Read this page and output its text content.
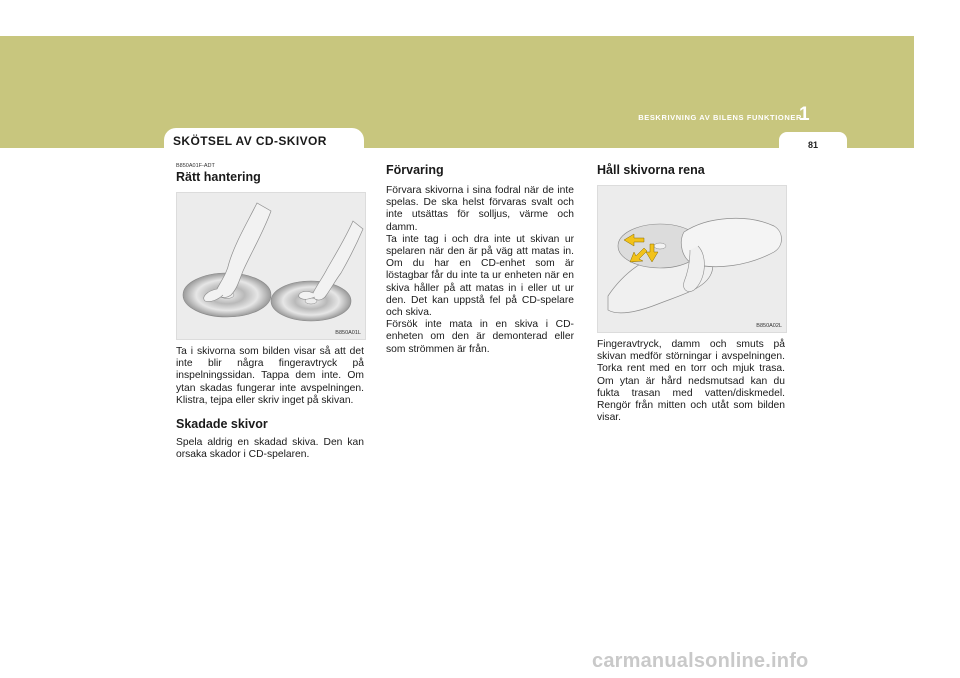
BESKRIVNING AV BILENS FUNKTIONER
1
81
SKÖTSEL AV CD-SKIVOR
B850A01F-ADT
Rätt hantering
B850A01L

Ta i skivorna som bilden visar så att det inte blir några fingeravtryck på inspelningssidan. Tappa dem inte. Om ytan skadas fungerar inte avspelningen. Klistra, tejpa eller skriv inget på skivan.

Skadade skivor

Spela aldrig en skadad skiva. Den kan orsaka skador i CD-spelaren.

Förvaring

Förvara skivorna i sina fodral när de inte spelas. De ska helst förvaras svalt och inte utsättas för solljus, värme och damm.
Ta inte tag i och dra inte ut skivan ur spelaren när den är på väg att matas in. Om du har en CD-enhet som är löstagbar får du inte ta ur enheten när en skiva håller på att matas in i eller ut ur den. Det kan uppstå fel på CD-spelare och skiva.
Försök inte mata in en skiva i CD-enheten om den är demonterad eller som strömmen är från.

Håll skivorna rena
B850A02L

Fingeravtryck, damm och smuts på skivan medför störningar i avspelningen. Torka rent med en torr och mjuk trasa. Om ytan är hård nedsmutsad kan du fukta trasan med vatten/diskmedel. Rengör från mitten och utåt som bilden visar.

carmanualsonline.info
